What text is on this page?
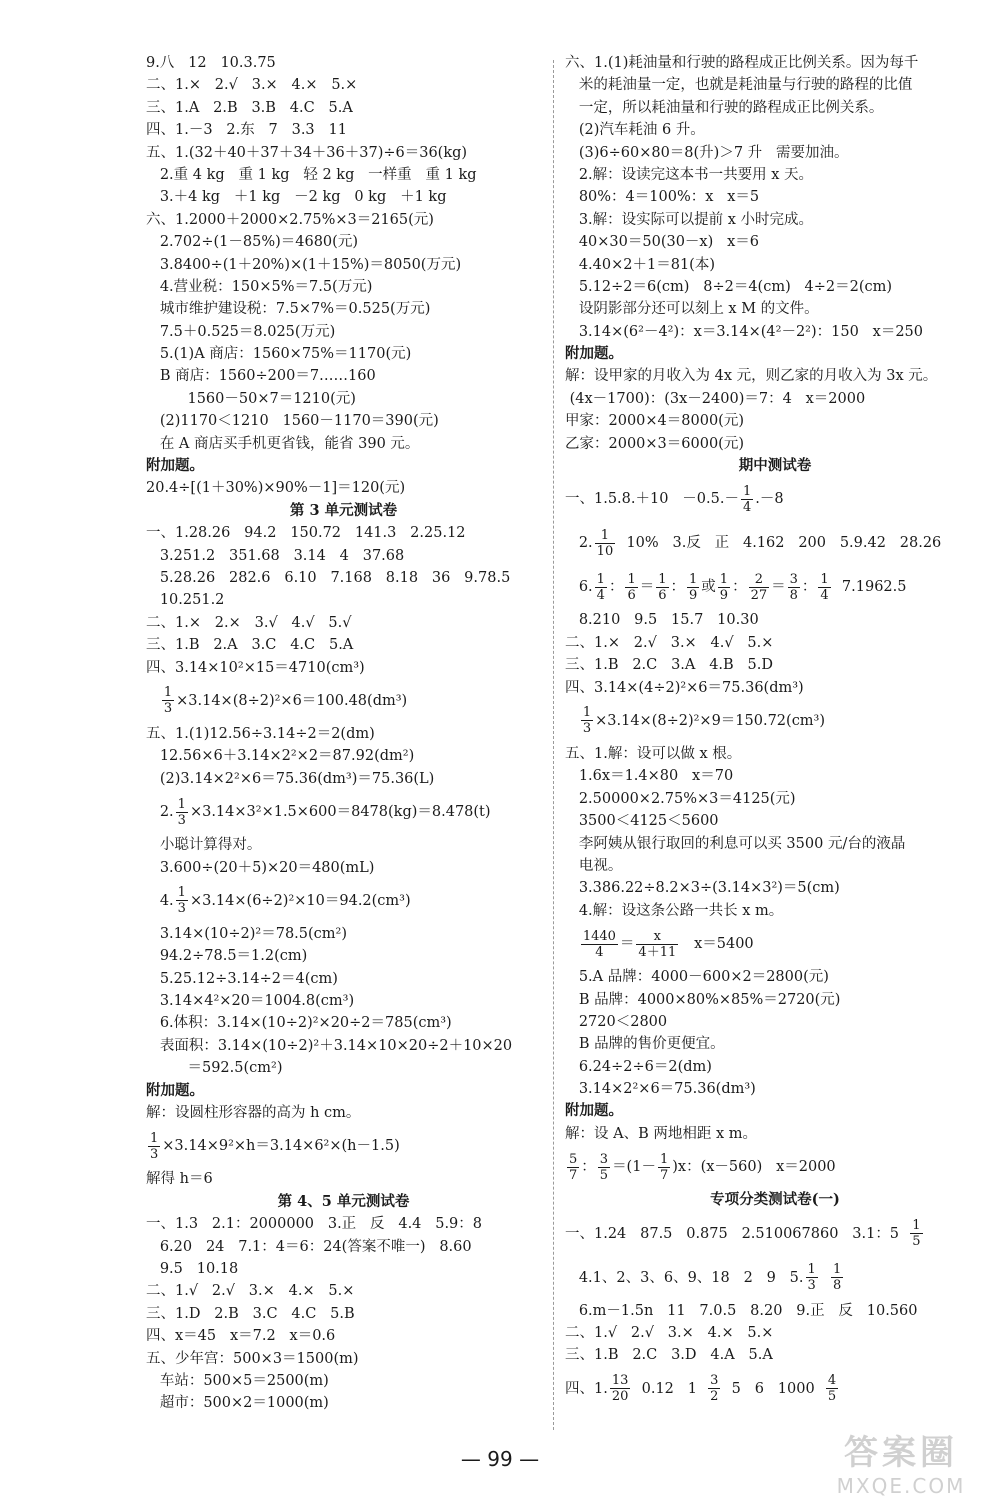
9.八   12   10.3.75
二、1.×   2.√   3.×   4.×   5.×
三、1.A   2.B   3.B   4.C   5.A
四、1.－3   2.东   7   3.3   11
五、1.(32＋40＋37＋34＋36＋37)÷6＝36(kg)
2.重 4 kg   重 1 kg   轻 2 kg   一样重   重 1 kg
3.＋4 kg   ＋1 kg   －2 kg   0 kg   ＋1 kg
六、1.2000＋2000×2.75%×3＝2165(元)
2.702÷(1－85%)＝4680(元)
3.8400÷(1＋20%)×(1＋15%)＝8050(万元)
4.营业税：150×5%＝7.5(万元)
城市维护建设税：7.5×7%＝0.525(万元)
7.5＋0.525＝8.025(万元)
5.(1)A 商店：1560×75%＝1170(元)
B 商店：1560÷200＝7……160
1560－50×7＝1210(元)
(2)1170＜1210   1560－1170＝390(元)
在 A 商店买手机更省钱，能省 390 元。
附加题。
20.4÷[(1＋30%)×90%－1]＝120(元)
第 3 单元测试卷
一、1.28.26   94.2   150.72   141.3   2.25.12
3.251.2   351.68   3.14   4   37.68
5.28.26   282.6   6.10   7.168   8.18   36   9.78.5
10.251.2
二、1.×   2.×   3.√   4.√   5.√
三、1.B   2.A   3.C   4.C   5.A
四、3.14×10²×15＝4710(cm³)

$\frac{1}{3} \times 3.14\times(8\div 2)^2\times 6=100.48(dm^3)$
五、1.(1)12.56÷3.14÷2＝2(dm)
12.56×6＋3.14×2²×2＝87.92(dm²)
(2)3.14×2²×6＝75.36(dm³)＝75.36(L)
2. $\frac{1}{3} \times 3.14\times 3^2\times 1.5\times 600=8478(kg)=8.478(t)$
小聪计算得对。
3.600÷(20＋5)×20＝480(mL)
4. $\frac{1}{3} \times 3.14\times(6\div 2)^2\times 10=94.2(cm^3)$
3.14×(10÷2)²＝78.5(cm²)
94.2÷78.5＝1.2(cm)
5.25.12÷3.14÷2＝4(cm)
3.14×4²×20＝1004.8(cm³)
6.体积：3.14×(10÷2)²×20÷2＝785(cm³)
表面积：3.14×(10÷2)²＋3.14×10×20÷2＋10×20
＝592.5(cm²)
附加题。
解：设圆柱形容器的高为 h cm。
$\frac{1}{3} \times 3.14\times 9^2\times h=3.14\times 6^2\times(h-1.5)$
解得 h＝6
第 4、5 单元测试卷
一、1.3   2.1：2000000   3.正   反   4.4   5.9：8
6.20   24   7.1：4＝6：24(答案不唯一)   8.60
9.5   10.18
二、1.√   2.√   3.×   4.×   5.×
三、1.D   2.B   3.C   4.C   5.B
四、x＝45   x＝7.2   x＝0.6
五、少年宫：500×3＝1500(m)
车站：500×5＝2500(m)
超市：500×2＝1000(m)
六、1.(1)耗油量和行驶的路程成正比例关系。因为每千
米的耗油量一定，也就是耗油量与行驶的路程的比值
一定，所以耗油量和行驶的路程成正比例关系。
(2)汽车耗油 6 升。
(3)6÷60×80＝8(升)＞7 升   需要加油。
2.解：设读完这本书一共要用 x 天。
80%：4＝100%：x   x＝5
3.解：设实际可以提前 x 小时完成。
40×30＝50(30－x)   x＝6
4.40×2＋1＝81(本)
5.12÷2＝6(cm)   8÷2＝4(cm)   4÷2＝2(cm)
设阴影部分还可以刻上 x M 的文件。
3.14×(6²－4²)：x＝3.14×(4²－2²)：150   x＝250
附加题。
解：设甲家的月收入为 4x 元，则乙家的月收入为 3x 元。
(4x－1700)：(3x－2400)＝7：4   x＝2000
甲家：2000×4＝8000(元)
乙家：2000×3＝6000(元)
期中测试卷
一、$1.5.8.+10 -0.5.- \frac{1}{4} .-8$
2. $\frac{1}{10} 10\%$   3.反   正   4.162   200   5.9.42   28.26
6. $\frac{1}{4}$ ： $\frac{1}{6} = \frac{1}{6}$ ： $\frac{1}{9}$ 或 $\frac{1}{9}$ ： $\frac{2}{27} = \frac{3}{8}$ ： $\frac{1}{4} 7.1962.5$
8.210   9.5   15.7   10.30
二、1.×   2.√   3.×   4.√   5.×
三、1.B   2.C   3.A   4.B   5.D
四、3.14×(4÷2)²×6＝75.36(dm³)

$\frac{1}{3} \times 3.14\times(8\div 2)^2\times 9=150.72(cm^3)$
五、1.解：设可以做 x 根。
1.6x＝1.4×80   x＝70
2.50000×2.75%×3＝4125(元)
3500＜4125＜5600
李阿姨从银行取回的利息可以买 3500 元/台的液晶
电视。
3.386.22÷8.2×3÷(3.14×3²)＝5(cm)
4.解：设这条公路一共长 x m。

$\frac{1440}{4} = \frac{x}{4+11} x=5400$
5.A 品牌：4000－600×2＝2800(元)
B 品牌：4000×80%×85%＝2720(元)
2720＜2800
B 品牌的售价更便宜。
6.24÷2÷6＝2(dm)
3.14×2²×6＝75.36(dm³)
附加题。
解：设 A、B 两地相距 x m。
$\frac{5}{7}$ ： $\frac{3}{5} =(1- \frac{1}{7} )x$：(x－560)   x＝2000
专项分类测试卷(一)
一、1.24   87.5   0.875   2.510067860   3.1：$5 \frac{1}{5}$
4.1、2、3、6、9、18   2   9   5. $\frac{1}{3}$
$\frac{1}{8}$
6.m－1.5n   11   7.0.5   8.20   9.正   反   10.560
二、1.√   2.√   3.×   4.×   5.×
三、1.B   2.C   3.D   4.A   5.A
四、1. $\frac{13}{20} 0.12$   $1 \frac{3}{2} 5$   6   $1000 \frac{4}{5}$
— 99 —	答案圈
MXQE.COM
